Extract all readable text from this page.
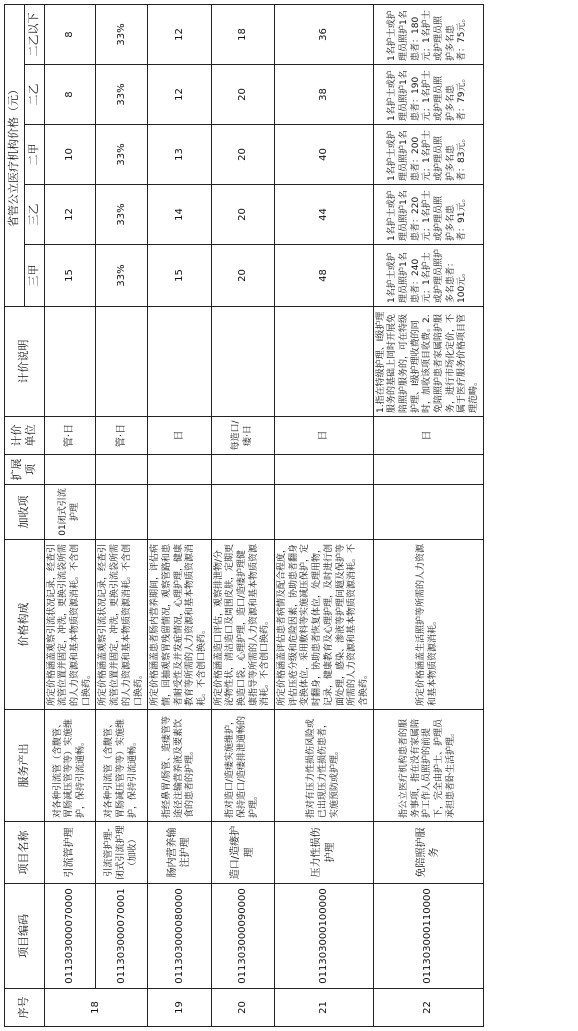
序号	项目编码	项目名称	服务产出	价格构成	加收项	扩展项	计价单位	计价说明	省管公立医疗机构价格（元）				
									三甲	三乙	二甲	二乙	二乙以下
18	011303000070000	引流管护理	对各种引流管（含腹管、胃肠减压管等等）实施维护，保持引流通畅。	所定价格涵盖观察引流状况记录，经查引流管位置并固定，冲洗，更换引流袋所需的人力资源和基本物质资源消耗。不含创口换药。	01闭式引流护理		管·日		15	12	10	8	8
	011303000070001	引流管护理-闭式引流护理（加收）	对各种引流管（含腹管、胃肠减压管等等）实施维护，保持引流通畅。	所定价格涵盖观察引流状况记录，经查引流管位置并固定，冲洗，更换引流袋所需的人力资源和基本物质资源消耗。不含创口换药。			管·日		33%	33%	33%	33%	33%
19	011303000080000	肠内营养输注护理	指经鼻胃/肠管、造瘘管等途径注输营养液及要素饮食的患者的护理。	所定价格涵盖患者肠内营养期间，评估病情，回抽观察胃残留情况，观察管路和患者耐受性及并发症情况，心理护理，健康教育等所需的人力资源和基本物质资源消耗。不含创口换药。			日		15	14	13	12	12
20	011303000090000	造口/造瘘护理	指对造口/造瘘实施维护，保持造口/造瘘排泄通畅的护理。	所定价格涵盖造口评估，观察排泄物/分泌物性状，清洁造口及周围皮肤，定期更换造口袋，心理护理，造口/造瘘护理健康指导等所需的人力资源和基本物质资源消耗。不含创口换药。			每造口/瘘·日		20	20	20	20	18
21	011303000100000	压力性损伤护理	指对有压力性损伤风险或已出现压力性损伤患者，实施预防或护理。	所定价格涵盖评估患者病情及配合程度，评估压疮分级和危险因素，协助患者翻身变换体位，采用敷料等实施减压保护，定时翻身，协助患者恢复体位，处理用物，记录，健康教育及心理护理，及时进行创面处理，感染、渗液等护理问题及保护等所需的人力资源和基本物质资源消耗。不含换药。			日		48	44	40	38	36
22	011303000110000	免陪照护服务	指公立医疗机构患者的服务事项，指在没有家属陪护工作人员照护的前提下，完全由护士、护理员承担患者卧生活护理。	所定价格涵盖生活照护等所需的人力资源和基本物质资源消耗。			日	1.指在特级护理、Ⅰ级护理服务的基础上同时开展免陪照护服务的，可在特级护理、Ⅰ级护理收费的同时，加收该项目收费。2.免陪照护患者家属陪护服务，进行市场化定价，不属于医疗服务价格项目管理范畴。	1名护士或护理员照护1名患者：240元；1名护士或护理员照护多名患者：100元。	1名护士或护理员照护1名患者：220元；1名护士或护理员照护多名患者：91元。	1名护士或护理员照护1名患者：200元；1名护士或护理员照护多名患者：83元。	1名护士或护理员照护1名患者：190元；1名护士或护理员照护多名患者：79元。	1名护士或护理员照护1名患者：180元；1名护士或护理员照护多名患者：75元。
